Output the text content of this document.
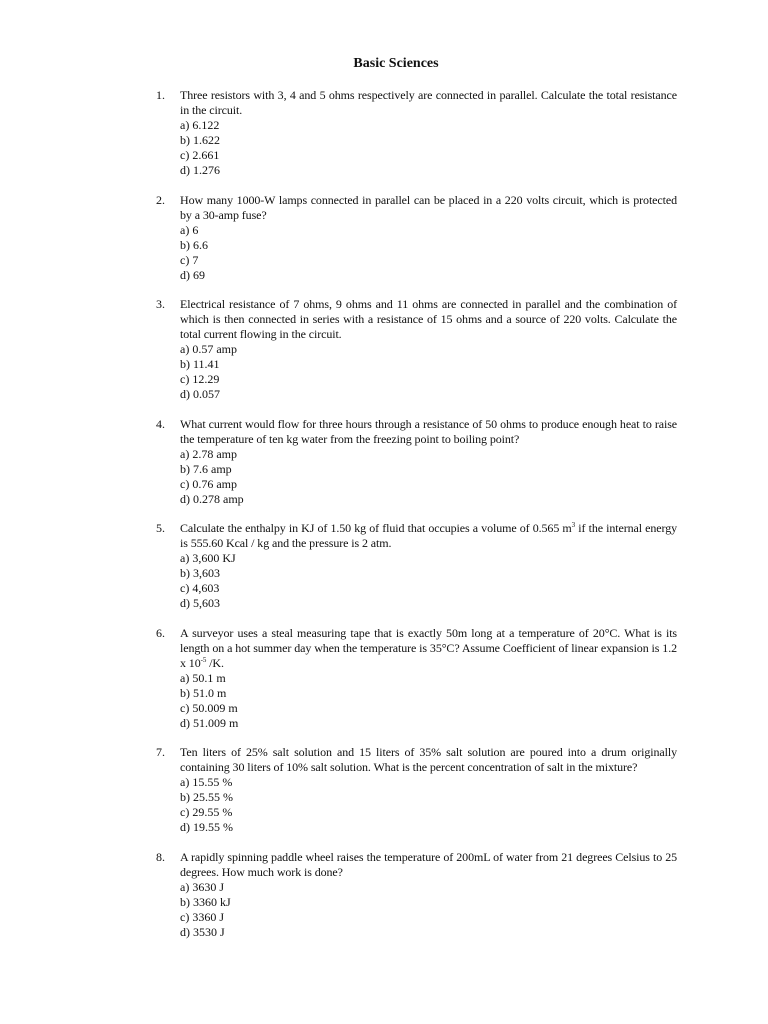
Basic Sciences
1.	Three resistors with 3, 4 and 5 ohms respectively are connected in parallel. Calculate the total resistance in the circuit.
a) 6.122
b) 1.622
c) 2.661
d) 1.276
2.	How many 1000-W lamps connected in parallel can be placed in a 220 volts circuit, which is protected by a 30-amp fuse?
a) 6
b) 6.6
c) 7
d) 69
3.	Electrical resistance of 7 ohms, 9 ohms and 11 ohms are connected in parallel and the combination of which is then connected in series with a resistance of 15 ohms and a source of 220 volts. Calculate the total current flowing in the circuit.
a) 0.57 amp
b) 11.41
c) 12.29
d) 0.057
4.	What current would flow for three hours through a resistance of 50 ohms to produce enough heat to raise the temperature of ten kg water from the freezing point to boiling point?
a) 2.78 amp
b) 7.6 amp
c) 0.76 amp
d) 0.278 amp
5.	Calculate the enthalpy in KJ of 1.50 kg of fluid that occupies a volume of 0.565 $m^3$ if the internal energy is 555.60 Kcal / kg and the pressure is 2 atm.
a) 3,600 KJ
b) 3,603
c) 4,603
d) 5,603
6.	A surveyor uses a steal measuring tape that is exactly 50m long at a temperature of 20°C. What is its length on a hot summer day when the temperature is 35°C? Assume Coefficient of linear expansion is 1.2 x $10^{-5}$ /K.
a) 50.1 m
b) 51.0 m
c) 50.009 m
d) 51.009 m
7.	Ten liters of 25% salt solution and 15 liters of 35% salt solution are poured into a drum originally containing 30 liters of 10% salt solution. What is the percent concentration of salt in the mixture?
a) 15.55 %
b) 25.55 %
c) 29.55 %
d) 19.55 %
8.	A rapidly spinning paddle wheel raises the temperature of 200mL of water from 21 degrees Celsius to 25 degrees. How much work is done?
a) 3630 J
b) 3360 kJ
c) 3360 J
d) 3530 J
